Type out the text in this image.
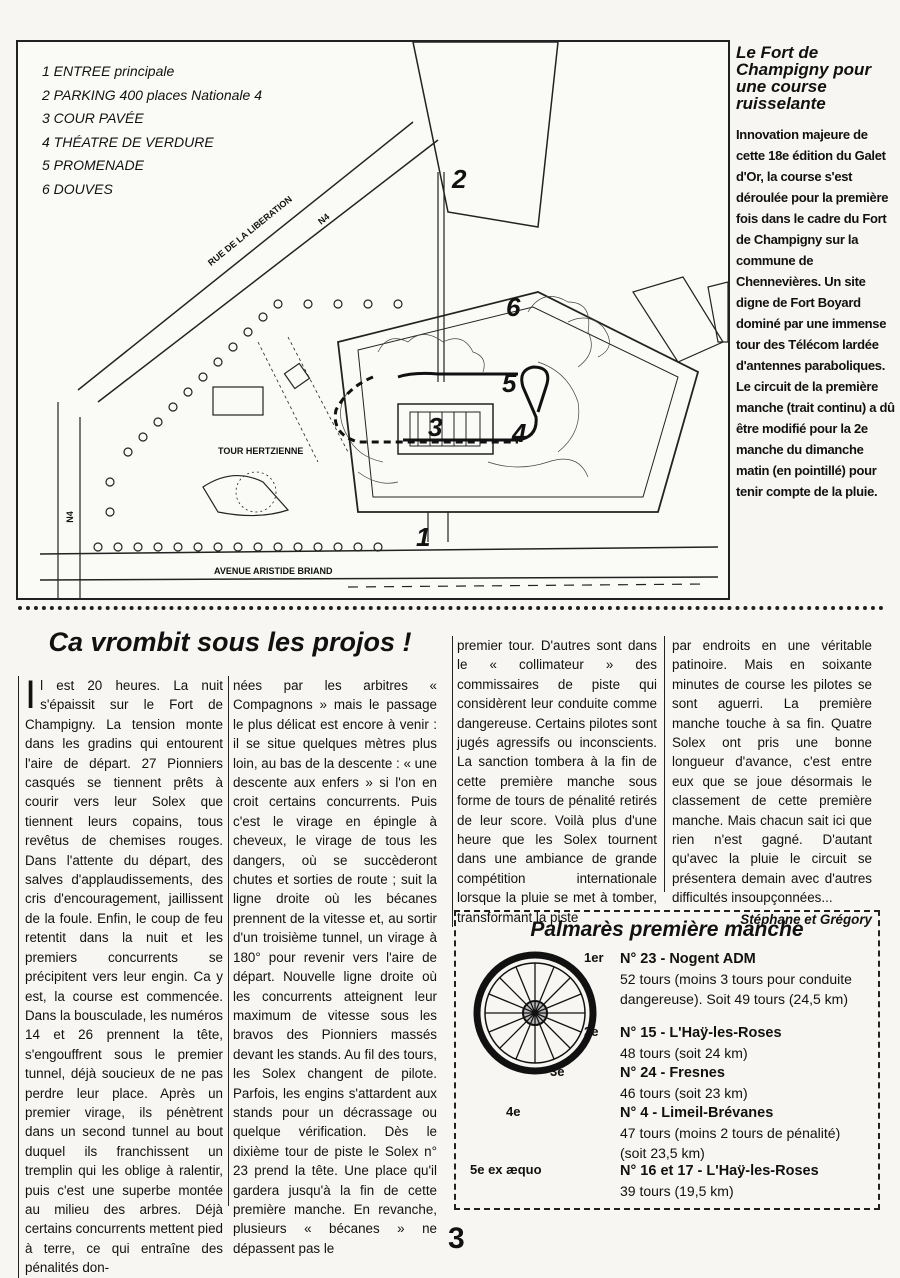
1 ENTREE principale
2 PARKING 400 places Nationale 4
3 COUR PAVÉE
4 THÉATRE DE VERDURE
5 PROMENADE
6 DOUVES
RUE DE LA LIBERATION N4
N4
AVENUE ARISTIDE BRIAND
TOUR HERTZIENNE
1
2
3	4
5
6
Le Fort de Champigny pour une course ruisselante

Innovation majeure de cette 18e édition du Galet d'Or, la course s'est déroulée pour la première fois dans le cadre du Fort de Champigny sur la commune de Chennevières. Un site digne de Fort Boyard dominé par une immense tour des Télécom lardée d'antennes paraboliques. Le circuit de la première manche (trait continu) a dû être modifié pour la 2e manche du dimanche matin (en pointillé) pour tenir compte de la pluie.

Ca vrombit sous les projos !
I l est 20 heures. La nuit s'épaissit sur le Fort de Champigny. La tension monte dans les gradins qui entourent l'aire de départ. 27 Pionniers casqués se tiennent prêts à courir vers leur Solex que tiennent leurs copains, tous revêtus de chemises rouges. Dans l'attente du départ, des salves d'applaudissements, des cris d'encouragement, jaillissent de la foule. Enfin, le coup de feu retentit dans la nuit et les premiers concurrents se précipitent vers leur engin. Ca y est, la course est commencée. Dans la bousculade, les numéros 14 et 26 prennent la tête, s'engouffrent sous le premier tunnel, déjà soucieux de ne pas perdre leur place. Après un premier virage, ils pénètrent dans un second tunnel au bout duquel ils franchissent un tremplin qui les oblige à ralentir, puis c'est une superbe montée au milieu des arbres. Déjà certains concurrents mettent pied à terre, ce qui entraîne des pénalités don-

nées par les arbitres « Compagnons » mais le passage le plus délicat est encore à venir : il se situe quelques mètres plus loin, au bas de la descente : « une descente aux enfers » si l'on en croit certains concurrents. Puis c'est le virage en épingle à cheveux, le virage de tous les dangers, où se succèderont chutes et sorties de route ; suit la ligne droite où les bécanes prennent de la vitesse et, au sortir d'un troisième tunnel, un virage à 180° pour revenir vers l'aire de départ. Nouvelle ligne droite où les concurrents atteignent leur maximum de vitesse sous les bravos des Pionniers massés devant les stands. Au fil des tours, les Solex changent de pilote. Parfois, les engins s'attardent aux stands pour un décrassage ou quelque vérification. Dès le dixième tour de piste le Solex n° 23 prend la tête. Une place qu'il gardera jusqu'à la fin de cette première manche. En revanche, plusieurs « bécanes » ne dépassent pas le

premier tour. D'autres sont dans le « collimateur » des commissaires de piste qui considèrent leur conduite comme dangereuse. Certains pilotes sont jugés agressifs ou inconscients. La sanction tombera à la fin de cette première manche sous forme de tours de pénalité retirés de leur score. Voilà plus d'une heure que les Solex tournent dans une ambiance de grande compétition internationale lorsque la pluie se met à tomber, transformant la piste

par endroits en une véritable patinoire. Mais en soixante minutes de course les pilotes se sont aguerri. La première manche touche à sa fin. Quatre Solex ont pris une bonne longueur d'avance, c'est entre eux que se joue désormais le classement de cette première manche. Mais chacun sait ici que rien n'est gagné. D'autant qu'avec la pluie le circuit se présentera demain avec d'autres difficultés insoupçonnées...

Stéphane et Grégory

Palmarès première manche
1er N° 23 - Nogent ADM
52 tours (moins 3 tours pour conduite dangereuse). Soit 49 tours (24,5 km)
2e N° 15 - L'Haÿ-les-Roses
48 tours (soit 24 km)
3e	N° 24 - Fresnes
46 tours (soit 23 km)
4e	N° 4 - Limeil-Brévanes
47 tours (moins 2 tours de pénalité) (soit 23,5 km)
5e ex æquo	N° 16 et 17 - L'Haÿ-les-Roses
39 tours (19,5 km)
3
